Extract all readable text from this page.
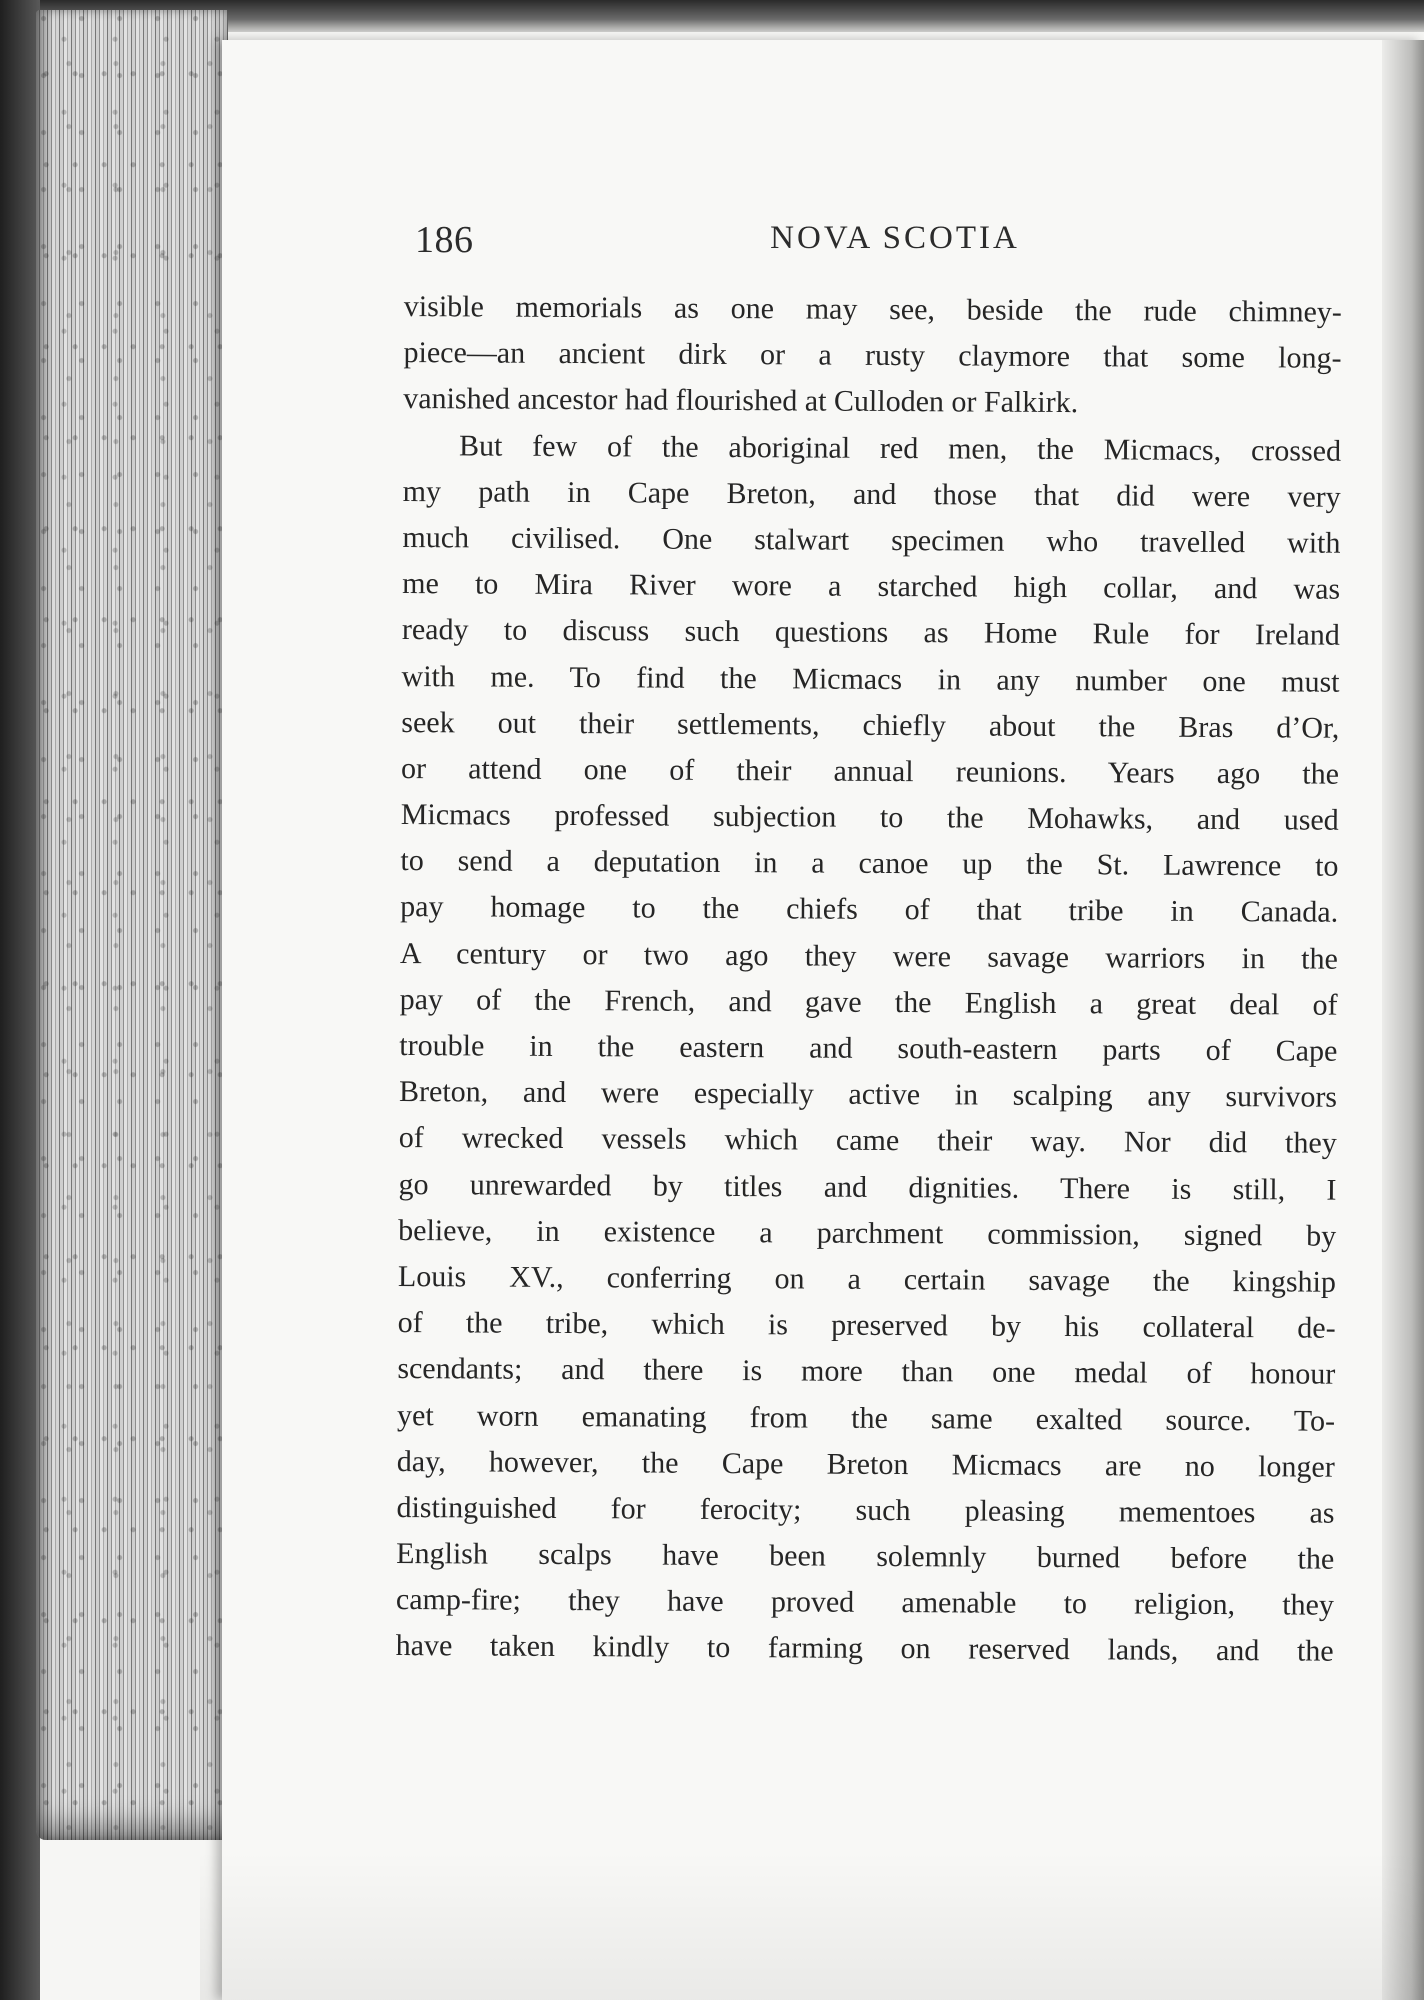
186	NOVA SCOTIA
visible memorials as one may see, beside the rude chimney-
piece—an ancient dirk or a rusty claymore that some long-
vanished ancestor had flourished at Culloden or Falkirk.
But few of the aboriginal red men, the Micmacs, crossed
my path in Cape Breton, and those that did were very
much civilised. One stalwart specimen who travelled with
me to Mira River wore a starched high collar, and was
ready to discuss such questions as Home Rule for Ireland
with me. To find the Micmacs in any number one must
seek out their settlements, chiefly about the Bras d’Or,
or attend one of their annual reunions. Years ago the
Micmacs professed subjection to the Mohawks, and used
to send a deputation in a canoe up the St. Lawrence to
pay homage to the chiefs of that tribe in Canada.
A century or two ago they were savage warriors in the
pay of the French, and gave the English a great deal of
trouble in the eastern and south-eastern parts of Cape
Breton, and were especially active in scalping any survivors
of wrecked vessels which came their way. Nor did they
go unrewarded by titles and dignities. There is still, I
believe, in existence a parchment commission, signed by
Louis XV., conferring on a certain savage the kingship
of the tribe, which is preserved by his collateral de-
scendants; and there is more than one medal of honour
yet worn emanating from the same exalted source. To-
day, however, the Cape Breton Micmacs are no longer
distinguished for ferocity; such pleasing mementoes as
English scalps have been solemnly burned before the
camp-fire; they have proved amenable to religion, they
have taken kindly to farming on reserved lands, and the
